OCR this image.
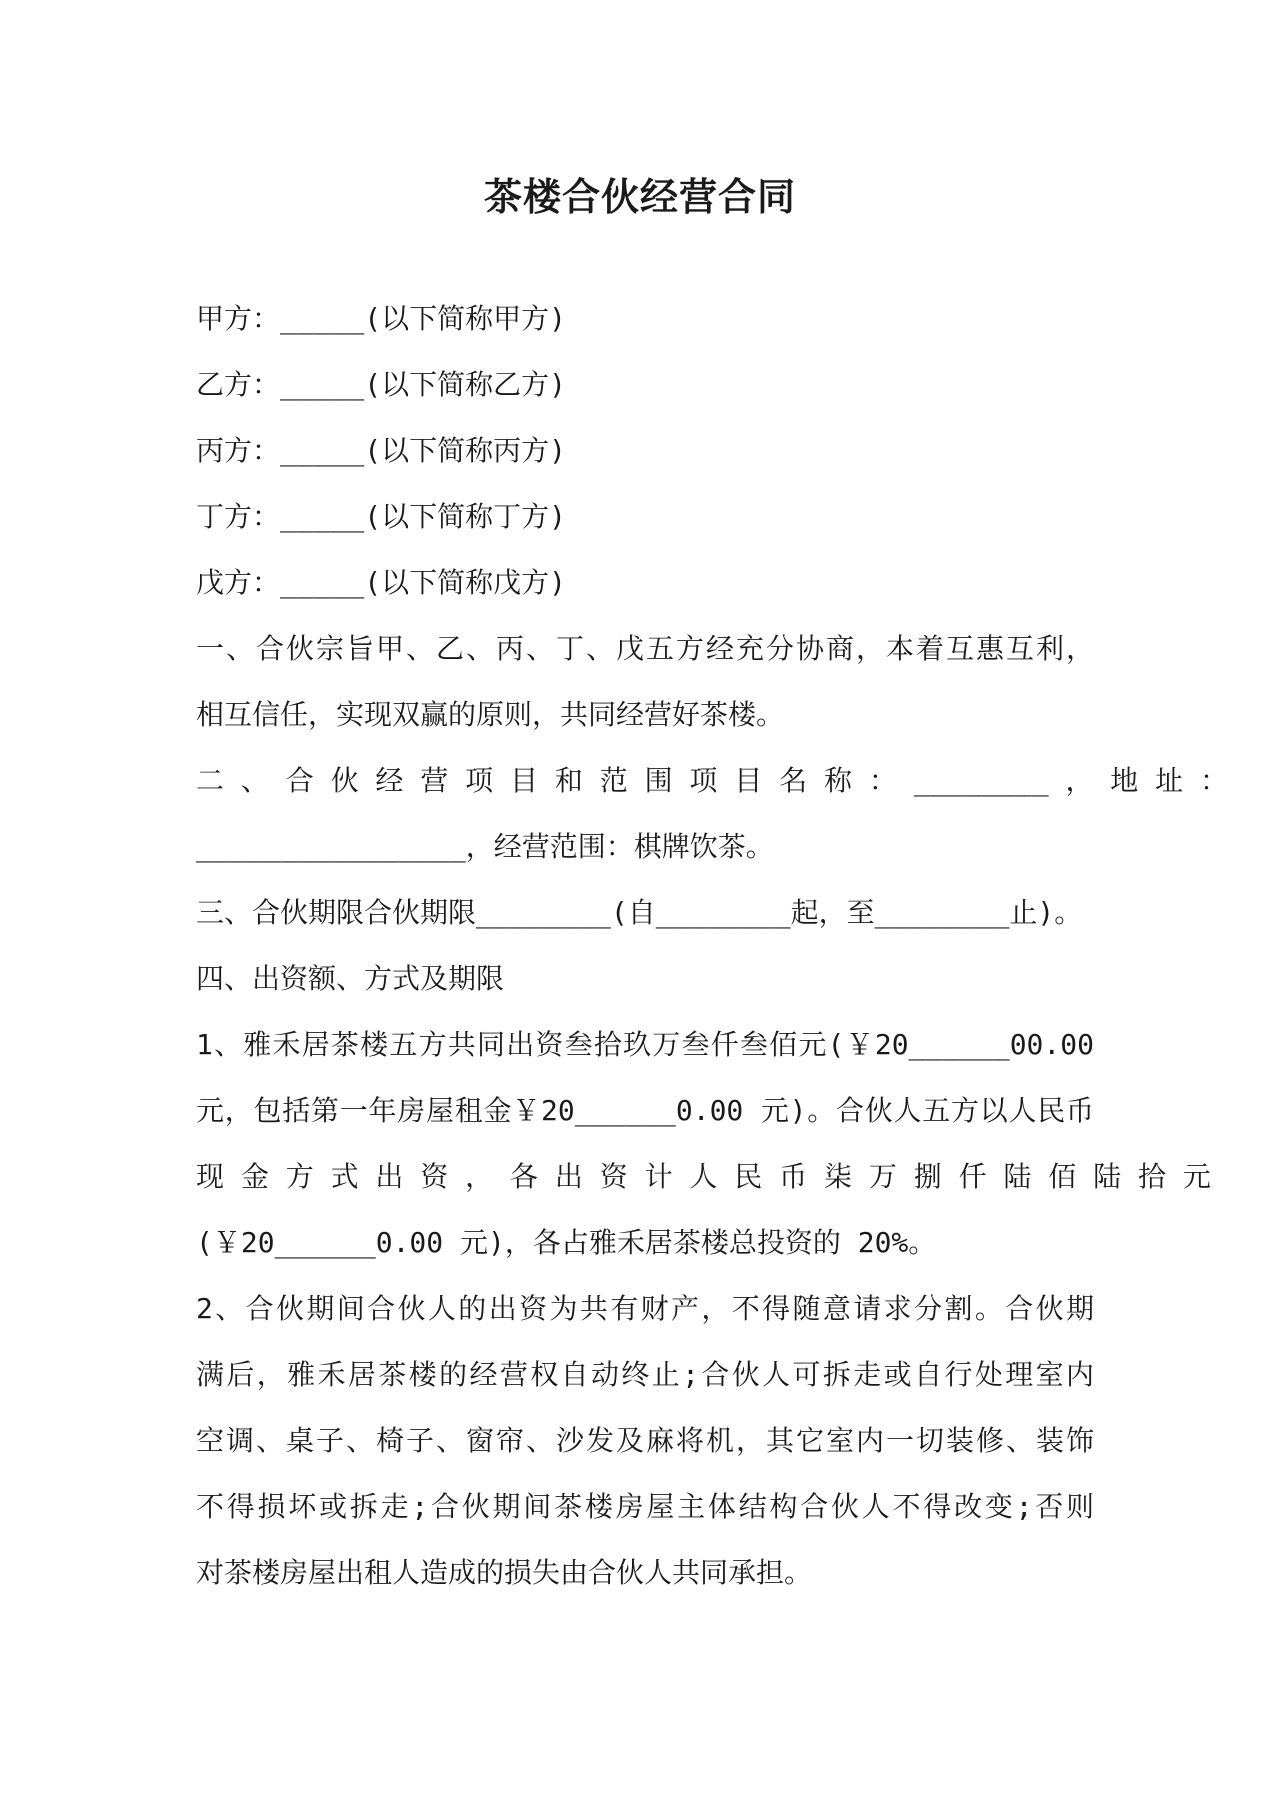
茶楼合伙经营合同
甲方：_____(以下简称甲方)
乙方：_____(以下简称乙方)
丙方：_____(以下简称丙方)
丁方：_____(以下简称丁方)
戊方：_____(以下简称戊方)
一、合伙宗旨甲、乙、丙、丁、戊五方经充分协商，本着互惠互利，
相互信任，实现双赢的原则，共同经营好茶楼。
二 、 合 伙 经 营 项 目 和 范 围 项 目 名 称 ： ________ ， 地 址 ：
________________，经营范围：棋牌饮茶。
三、合伙期限合伙期限________(自________起，至________止)。
四、出资额、方式及期限
1、雅禾居茶楼五方共同出资叁拾玖万叁仟叁佰元(￥20______00.00
元，包括第一年房屋租金￥20______0.00 元)。合伙人五方以人民币
现 金 方 式 出 资 ， 各 出 资 计 人 民 币 柒 万 捌 仟 陆 佰 陆 拾 元
(￥20______0.00 元)，各占雅禾居茶楼总投资的 20%。
2、合伙期间合伙人的出资为共有财产，不得随意请求分割。合伙期
满后，雅禾居茶楼的经营权自动终止;合伙人可拆走或自行处理室内
空调、桌子、椅子、窗帘、沙发及麻将机，其它室内一切装修、装饰
不得损坏或拆走;合伙期间茶楼房屋主体结构合伙人不得改变;否则
对茶楼房屋出租人造成的损失由合伙人共同承担。
